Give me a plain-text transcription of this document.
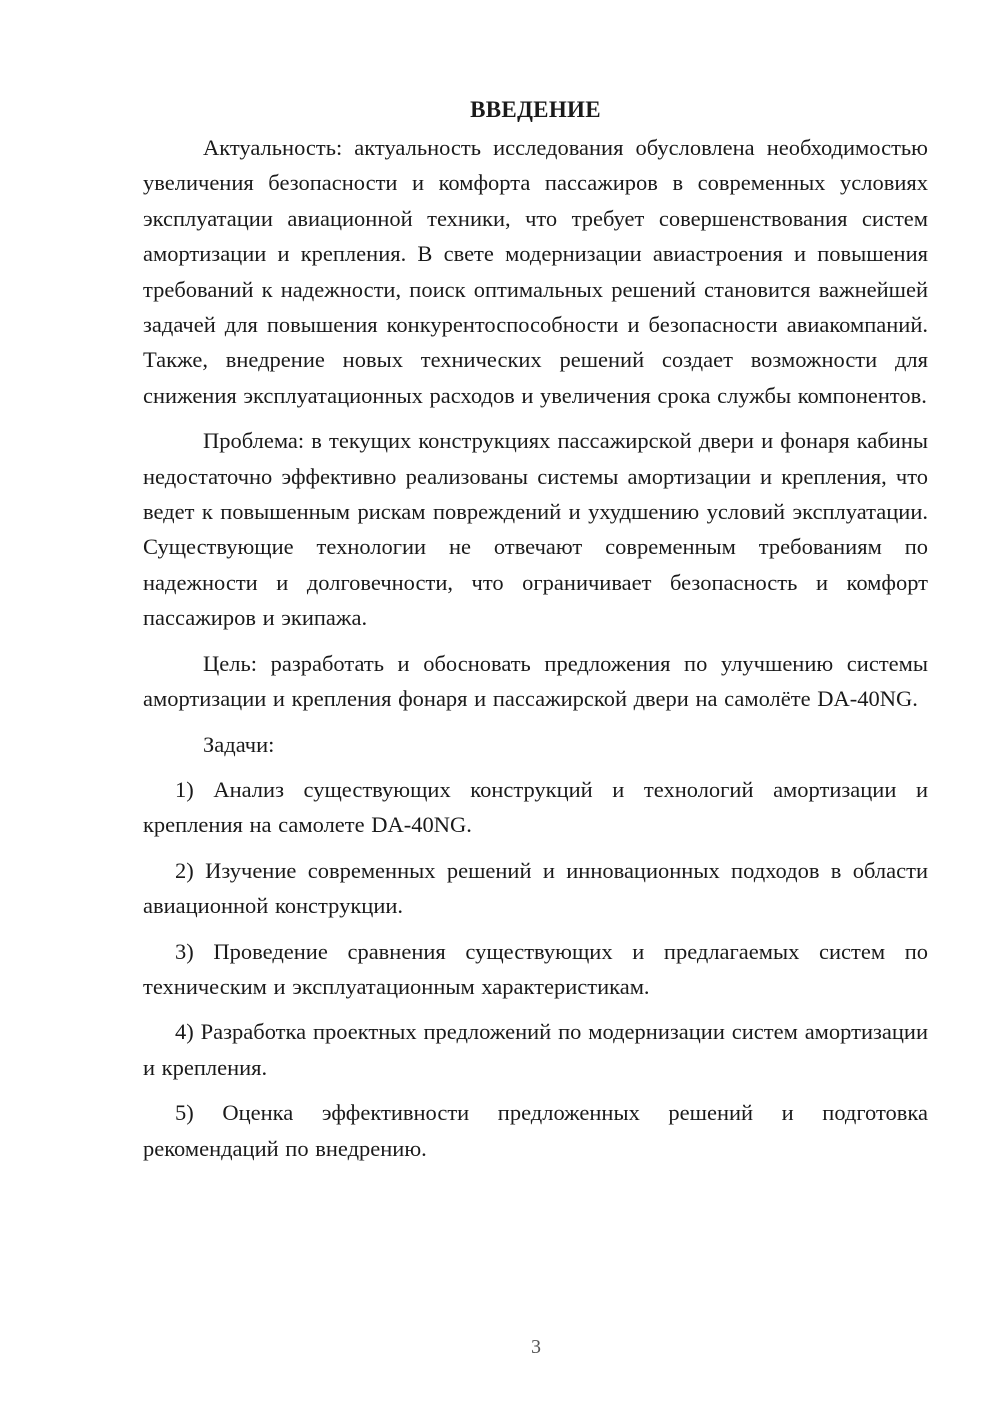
ВВЕДЕНИЕ

Актуальность: актуальность исследования обусловлена необходимостью увеличения безопасности и комфорта пассажиров в современных условиях эксплуатации авиационной техники, что требует совершенствования систем амортизации и крепления. В свете модернизации авиастроения и повышения требований к надежности, поиск оптимальных решений становится важнейшей задачей для повышения конкурентоспособности и безопасности авиакомпаний. Также, внедрение новых технических решений создает возможности для снижения эксплуатационных расходов и увеличения срока службы компонентов.

Проблема: в текущих конструкциях пассажирской двери и фонаря кабины недостаточно эффективно реализованы системы амортизации и крепления, что ведет к повышенным рискам повреждений и ухудшению условий эксплуатации. Существующие технологии не отвечают современным требованиям по надежности и долговечности, что ограничивает безопасность и комфорт пассажиров и экипажа.

Цель: разработать и обосновать предложения по улучшению системы амортизации и крепления фонаря и пассажирской двери на самолёте DA-40NG.

Задачи:

1) Анализ существующих конструкций и технологий амортизации и крепления на самолете DA-40NG.

2) Изучение современных решений и инновационных подходов в области авиационной конструкции.

3) Проведение сравнения существующих и предлагаемых систем по техническим и эксплуатационным характеристикам.

4) Разработка проектных предложений по модернизации систем амортизации и крепления.

5) Оценка эффективности предложенных решений и подготовка рекомендаций по внедрению.

3
